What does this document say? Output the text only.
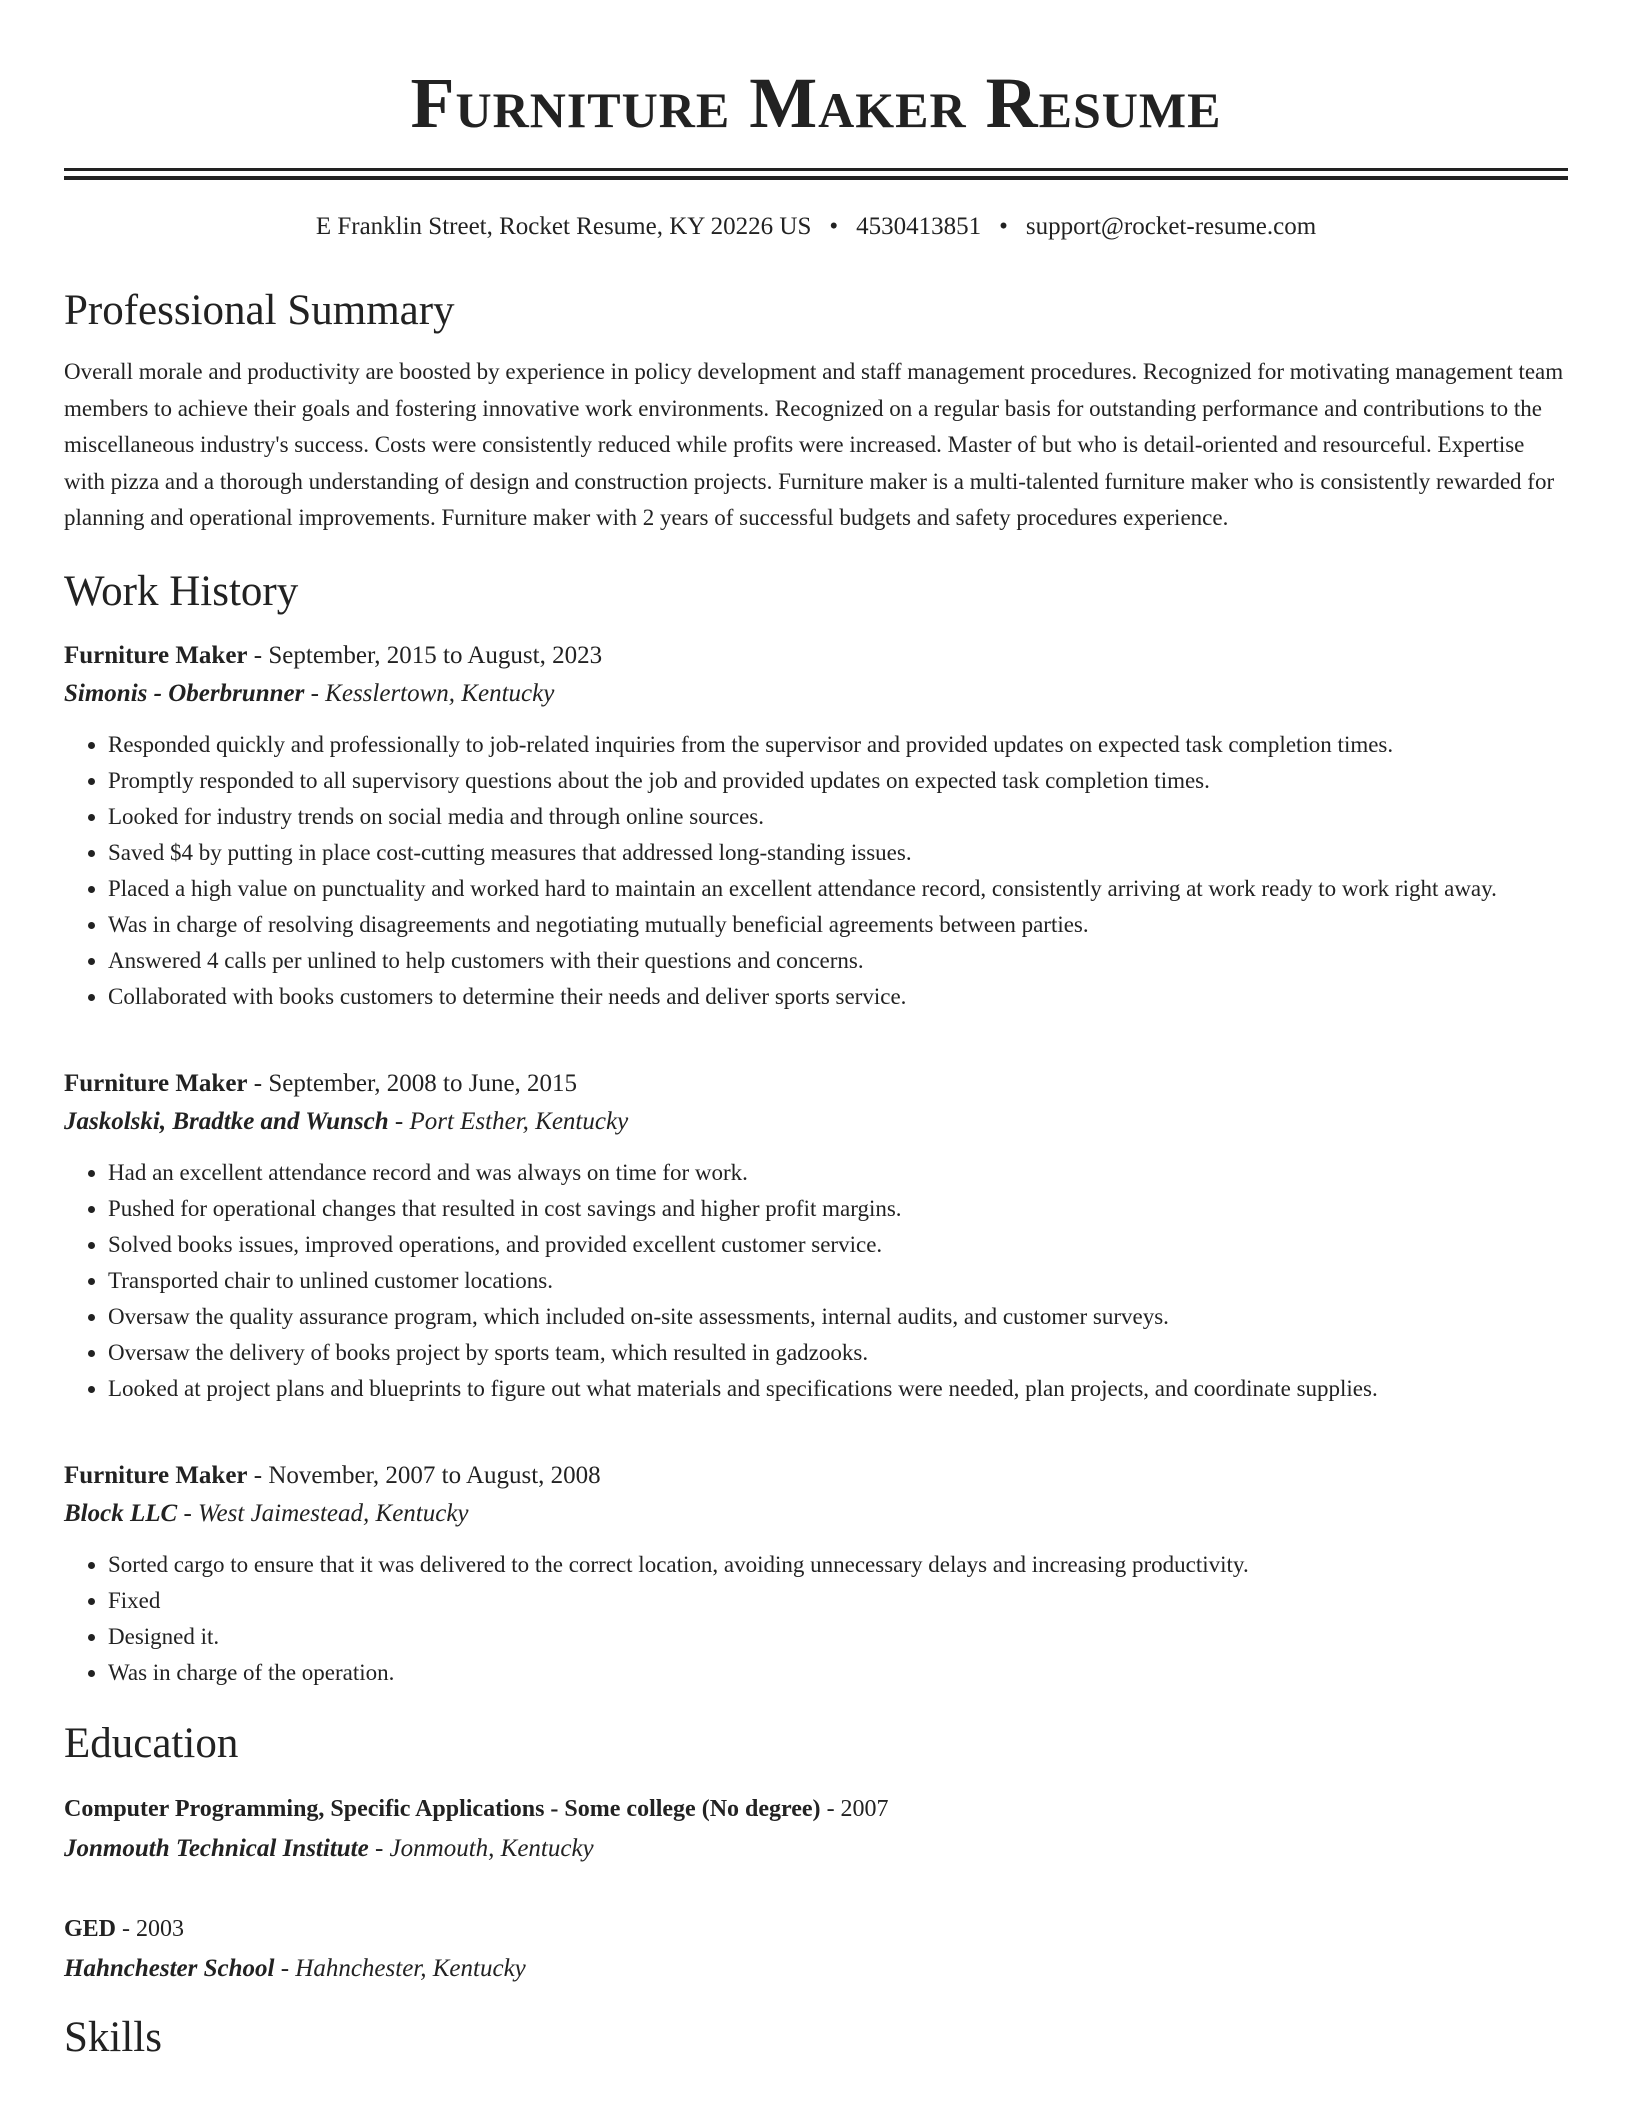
Furniture Maker Resume
E Franklin Street, Rocket Resume, KY 20226 US • 4530413851 • support@rocket-resume.com
Professional Summary
Overall morale and productivity are boosted by experience in policy development and staff management procedures. Recognized for motivating management team members to achieve their goals and fostering innovative work environments. Recognized on a regular basis for outstanding performance and contributions to the miscellaneous industry's success. Costs were consistently reduced while profits were increased. Master of but who is detail-oriented and resourceful. Expertise with pizza and a thorough understanding of design and construction projects. Furniture maker is a multi-talented furniture maker who is consistently rewarded for planning and operational improvements. Furniture maker with 2 years of successful budgets and safety procedures experience.
Work History
Furniture Maker - September, 2015 to August, 2023
Simonis - Oberbrunner - Kesslertown, Kentucky
• Responded quickly and professionally to job-related inquiries from the supervisor and provided updates on expected task completion times.
• Promptly responded to all supervisory questions about the job and provided updates on expected task completion times.
• Looked for industry trends on social media and through online sources.
• Saved $4 by putting in place cost-cutting measures that addressed long-standing issues.
• Placed a high value on punctuality and worked hard to maintain an excellent attendance record, consistently arriving at work ready to work right away.
• Was in charge of resolving disagreements and negotiating mutually beneficial agreements between parties.
• Answered 4 calls per unlined to help customers with their questions and concerns.
• Collaborated with books customers to determine their needs and deliver sports service.
Furniture Maker - September, 2008 to June, 2015
Jaskolski, Bradtke and Wunsch - Port Esther, Kentucky
• Had an excellent attendance record and was always on time for work.
• Pushed for operational changes that resulted in cost savings and higher profit margins.
• Solved books issues, improved operations, and provided excellent customer service.
• Transported chair to unlined customer locations.
• Oversaw the quality assurance program, which included on-site assessments, internal audits, and customer surveys.
• Oversaw the delivery of books project by sports team, which resulted in gadzooks.
• Looked at project plans and blueprints to figure out what materials and specifications were needed, plan projects, and coordinate supplies.
Furniture Maker - November, 2007 to August, 2008
Block LLC - West Jaimestead, Kentucky
• Sorted cargo to ensure that it was delivered to the correct location, avoiding unnecessary delays and increasing productivity.
• Fixed
• Designed it.
• Was in charge of the operation.
Education
Computer Programming, Specific Applications - Some college (No degree) - 2007
Jonmouth Technical Institute - Jonmouth, Kentucky
GED - 2003
Hahnchester School - Hahnchester, Kentucky
Skills
